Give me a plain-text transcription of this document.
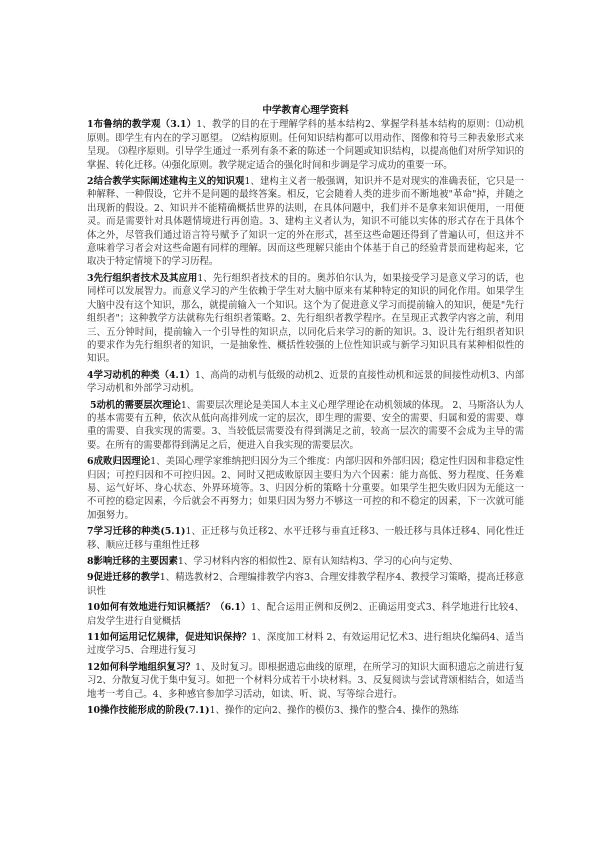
中学教育心理学资料
1布鲁纳的教学观（3.1）1、教学的目的在于理解学科的基本结构2、掌握学科基本结构的原则：⑴动机原则。即学生有内在的学习愿望。 ⑵结构原则。任何知识结构都可以用动作、图像和符号三种表象形式来呈现。 ⑶程序原则。引导学生通过一系列有条不紊的陈述一个问题或知识结构，以提高他们对所学知识的掌握、转化迁移。⑷强化原则。教学规定适合的强化时间和步调是学习成功的重要一环。
2结合教学实际阐述建构主义的知识观1、建构主义者一般强调，知识并不是对现实的准确表征，它只是一种解释、一种假设，它并不是问题的最终答案。相反，它会随着人类的进步而不断地被"革命"掉，并随之出现新的假设。2、知识并不能精确概括世界的法则，在具体问题中，我们并不是拿来知识便用，一用便灵。而是需要针对具体题情境进行再创造。3、建构主义者认为，知识不可能以实体的形式存在于具体个体之外，尽管我们通过语言符号赋予了知识一定的外在形式，甚至这些命题还得到了普遍认可，但这并不意味着学习者会对这些命题有同样的理解。因而这些理解只能由个体基于自己的经验背景而建构起来，它取决于特定情境下的学习历程。
3先行组织者技术及其应用1、先行组织者技术的目的。奥苏伯尔认为，如果接受学习是意义学习的话，也同样可以发展智力。而意义学习的产生依赖于学生对大脑中原来有某种特定的知识的同化作用。如果学生大脑中没有这个知识，那么，就提前输入一个知识。这个为了促进意义学习而提前输入的知识，便是"先行组织者"；这种教学方法就称先行组织者策略。2、先行组织者教学程序。在呈现正式教学内容之前，利用三、五分钟时间，提前输入一个引导性的知识点，以同化后来学习的新的知识。3、设计先行组织者知识的要求作为先行组织者的知识，一是抽象性、概括性较强的上位性知识或与新学习知识具有某种相似性的知识。
4学习动机的种类（4.1）1、高尚的动机与低级的动机2、近景的直接性动机和远景的间接性动机3、内部学习动机和外部学习动机。
5动机的需要层次理论1、需要层次理论是美国人本主义心理学理论在动机领域的体现。 2、马斯洛认为人的基本需要有五种，依次从低向高排列成一定的层次，即生理的需要、安全的需要、归属和爱的需要、尊重的需要、自我实现的需要。3、当较低层需要没有得到满足之前，较高一层次的需要不会成为主导的需要。在所有的需要都得到满足之后，便进入自我实现的需要层次。
6成败归因理论1、美国心理学家维纳把归因分为三个维度：内部归因和外部归因；稳定性归因和非稳定性归因；可控归因和不可控归因。2、同时又把成败原因主要归为六个因素：能力高低、努力程度、任务难易、运气好坏、身心状态、外界环境等。3、归因分析的策略十分重要。如果学生把失败归因为无能这一不可控的稳定因素，今后就会不再努力；如果归因为努力不够这一可控的和不稳定的因素，下一次就可能加强努力。
7学习迁移的种类(5.1)1、正迁移与负迁移2、水平迁移与垂直迁移3、一般迁移与具体迁移4、同化性迁移、顺应迁移与重组性迁移
8影响迁移的主要因素1、学习材料内容的相似性2、原有认知结构3、学习的心向与定势、
9促进迁移的教学1、精选教材2、合理编排教学内容3、合理安排教学程序4、教授学习策略，提高迁移意识性
10如何有效地进行知识概括？（6.1）1、配合运用正例和反例2、正确运用变式3、科学地进行比较4、启发学生进行自觉概括
11如何运用记忆规律，促进知识保持？1、深度加工材料 2、有效运用记忆术3、进行组块化编码4、适当过度学习5、合理进行复习
12如何科学地组织复习？1、及时复习。即根据遗忘曲线的原理，在所学习的知识大面积遗忘之前进行复习2、分散复习优于集中复习。如把一个材料分成若干小块材料。3、反复阅读与尝试背颂相结合，如适当地考一考自己。4、多种感官参加学习活动，如读、听、说、写等综合进行。
10操作技能形成的阶段(7.1)1、操作的定向2、操作的模仿3、操作的整合4、操作的熟练
